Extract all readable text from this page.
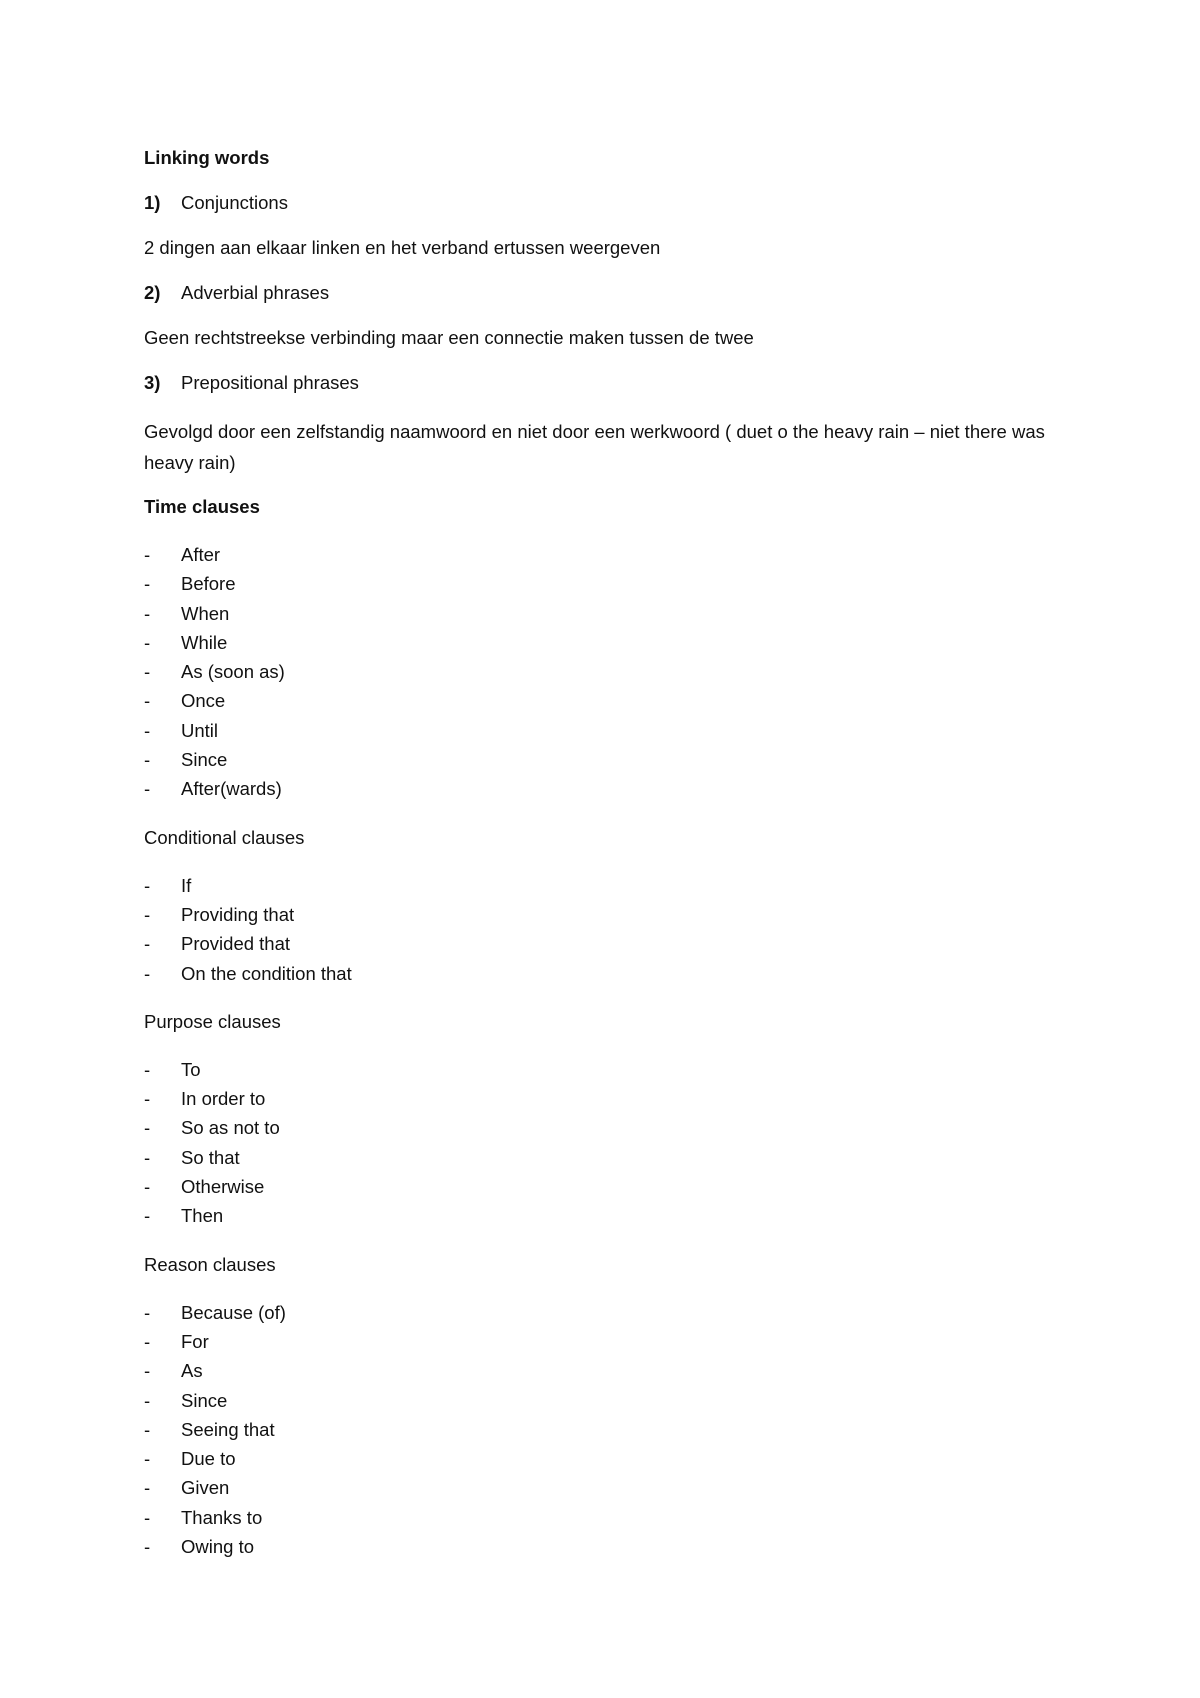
Linking words
1)	Conjunctions
2 dingen aan elkaar linken en het verband ertussen weergeven
2)	Adverbial phrases
Geen rechtstreekse verbinding maar een connectie maken tussen de twee
3)	Prepositional phrases
Gevolgd door een zelfstandig naamwoord en niet door een werkwoord ( duet o the heavy rain – niet there was heavy rain)
Time clauses
-	After
-	Before
-	When
-	While
-	As (soon as)
-	Once
-	Until
-	Since
-	After(wards)
Conditional clauses
-	If
-	Providing that
-	Provided that
-	On the condition that
Purpose clauses
-	To
-	In order to
-	So as not to
-	So that
-	Otherwise
-	Then
Reason clauses
-	Because (of)
-	For
-	As
-	Since
-	Seeing that
-	Due to
-	Given
-	Thanks to
-	Owing to
